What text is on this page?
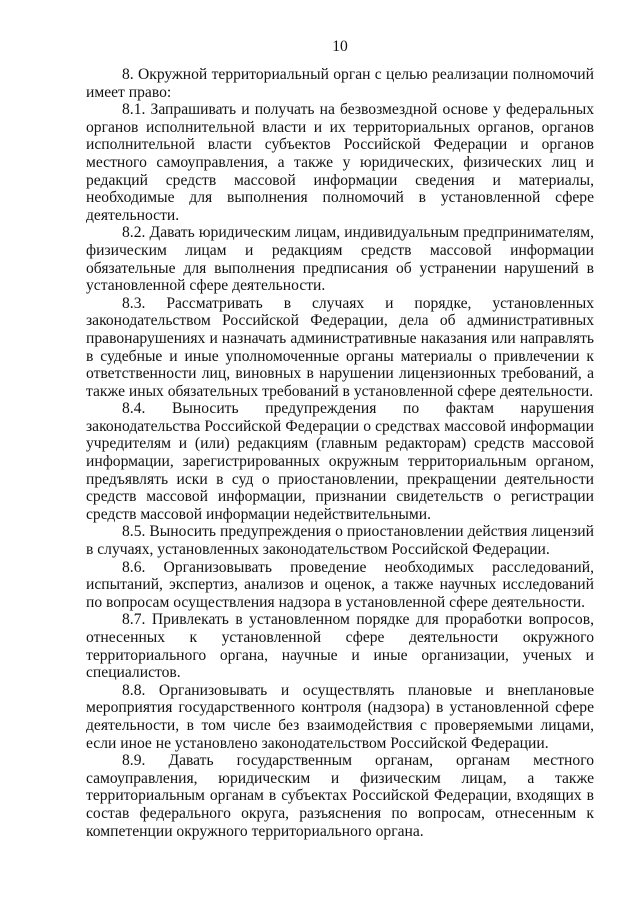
10

8. Окружной территориальный орган с целью реализации полномочий имеет право:

8.1. Запрашивать и получать на безвозмездной основе у федеральных органов исполнительной власти и их территориальных органов, органов исполнительной власти субъектов Российской Федерации и органов местного самоуправления, а также у юридических, физических лиц и редакций средств массовой информации сведения и материалы, необходимые для выполнения полномочий в установленной сфере деятельности.

8.2. Давать юридическим лицам, индивидуальным предпринимателям, физическим лицам и редакциям средств массовой информации обязательные для выполнения предписания об устранении нарушений в установленной сфере деятельности.

8.3. Рассматривать в случаях и порядке, установленных законодательством Российской Федерации, дела об административных правонарушениях и назначать административные наказания или направлять в судебные и иные уполномоченные органы материалы о привлечении к ответственности лиц, виновных в нарушении лицензионных требований, а также иных обязательных требований в установленной сфере деятельности.

8.4. Выносить предупреждения по фактам нарушения законодательства Российской Федерации о средствах массовой информации учредителям и (или) редакциям (главным редакторам) средств массовой информации, зарегистрированных окружным территориальным органом, предъявлять иски в суд о приостановлении, прекращении деятельности средств массовой информации, признании свидетельств о регистрации средств массовой информации недействительными.

8.5. Выносить предупреждения о приостановлении действия лицензий в случаях, установленных законодательством Российской Федерации.

8.6. Организовывать проведение необходимых расследований, испытаний, экспертиз, анализов и оценок, а также научных исследований по вопросам осуществления надзора в установленной сфере деятельности.

8.7. Привлекать в установленном порядке для проработки вопросов, отнесенных к установленной сфере деятельности окружного территориального органа, научные и иные организации, ученых и специалистов.

8.8. Организовывать и осуществлять плановые и внеплановые мероприятия государственного контроля (надзора) в установленной сфере деятельности, в том числе без взаимодействия с проверяемыми лицами, если иное не установлено законодательством Российской Федерации.

8.9. Давать государственным органам, органам местного самоуправления, юридическим и физическим лицам, а также территориальным органам в субъектах Российской Федерации, входящих в состав федерального округа, разъяснения по вопросам, отнесенным к компетенции окружного территориального органа.
